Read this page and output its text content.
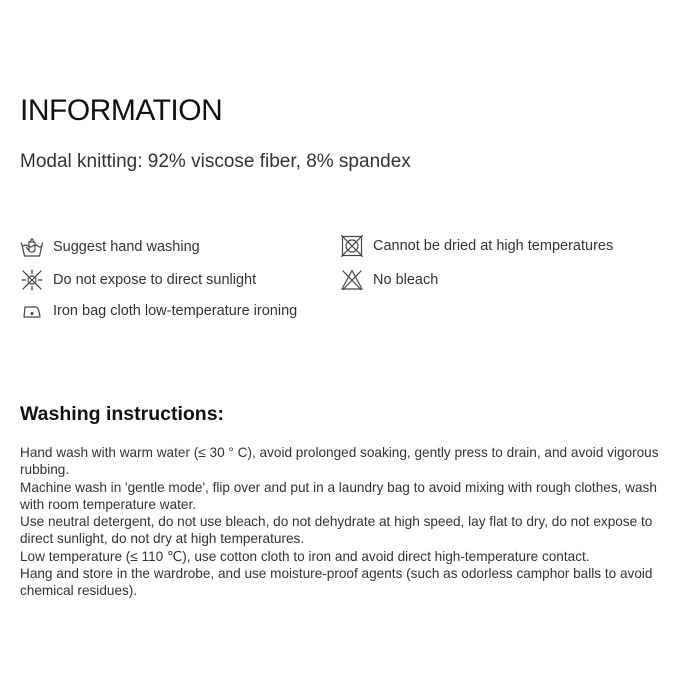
INFORMATION

Modal knitting: 92% viscose fiber, 8% spandex

Suggest hand washing
Do not expose to direct sunlight
Iron bag cloth low-temperature ironing
Cannot be dried at high temperatures
No bleach
Washing instructions:

Hand wash with warm water (≤ 30 ° C), avoid prolonged soaking, gently press to drain, and avoid vigorous rubbing.

Machine wash in 'gentle mode', flip over and put in a laundry bag to avoid mixing with rough clothes, wash with room temperature water.

Use neutral detergent, do not use bleach, do not dehydrate at high speed, lay flat to dry, do not expose to direct sunlight, do not dry at high temperatures.

Low temperature (≤ 110 ℃), use cotton cloth to iron and avoid direct high-temperature contact.

Hang and store in the wardrobe, and use moisture-proof agents (such as odorless camphor balls to avoid chemical residues).
